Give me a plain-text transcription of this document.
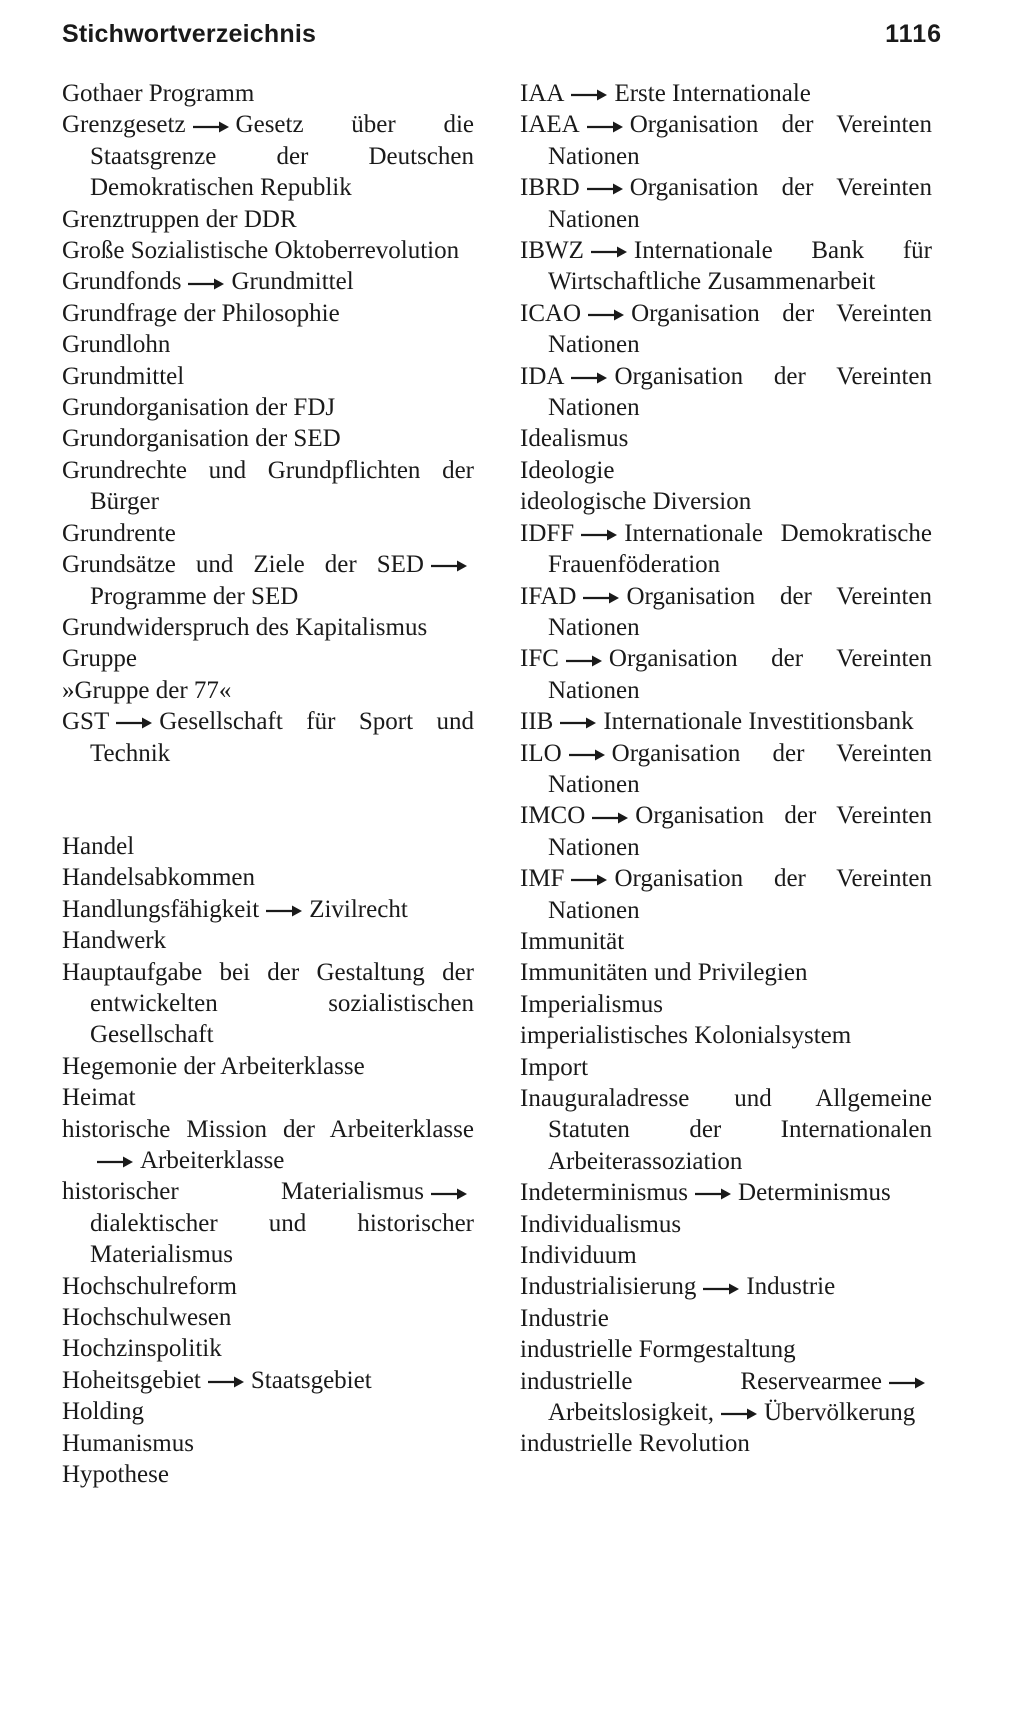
Stichwortverzeichnis	1116
Gothaer Programm
Grenzgesetz Gesetz über die Staatsgrenze der Deutschen Demokratischen Republik
Grenztruppen der DDR
Große Sozialistische Oktoberrevolution
Grundfonds Grundmittel
Grundfrage der Philosophie
Grundlohn
Grundmittel
Grundorganisation der FDJ
Grundorganisation der SED
Grundrechte und Grundpflichten der Bürger
Grundrente
Grundsätze und Ziele der SED
Programme der SED
Grundwiderspruch des Kapitalismus
Gruppe
»Gruppe der 77«
GST Gesellschaft für Sport und Technik
Handel
Handelsabkommen
Handlungsfähigkeit Zivilrecht
Handwerk
Hauptaufgabe bei der Gestaltung der entwickelten sozialistischen Gesellschaft
Hegemonie der Arbeiterklasse
Heimat
historische Mission der Arbeiterklasse
Arbeiterklasse
historischer Materialismus
dialektischer und historischer Materialismus
Hochschulreform
Hochschulwesen
Hochzinspolitik
Hoheitsgebiet Staatsgebiet
Holding
Humanismus
Hypothese
IAA Erste Internationale
IAEA Organisation der Vereinten Nationen
IBRD Organisation der Vereinten Nationen
IBWZ Internationale Bank für Wirtschaftliche Zusammenarbeit
ICAO Organisation der Vereinten Nationen
IDA Organisation der Vereinten Nationen
Idealismus
Ideologie
ideologische Diversion
IDFF Internationale Demokratische Frauenföderation
IFAD Organisation der Vereinten Nationen
IFC Organisation der Vereinten Nationen
IIB Internationale Investitionsbank
ILO Organisation der Vereinten Nationen
IMCO Organisation der Vereinten Nationen
IMF Organisation der Vereinten Nationen
Immunität
Immunitäten und Privilegien
Imperialismus
imperialistisches Kolonialsystem
Import
Inauguraladresse und Allgemeine Statuten der Internationalen Arbeiterassoziation
Indeterminismus Determinismus
Individualismus
Individuum
Industrialisierung Industrie
Industrie
industrielle Formgestaltung
industrielle Reservearmee
Arbeitslosigkeit, Übervölkerung
industrielle Revolution
